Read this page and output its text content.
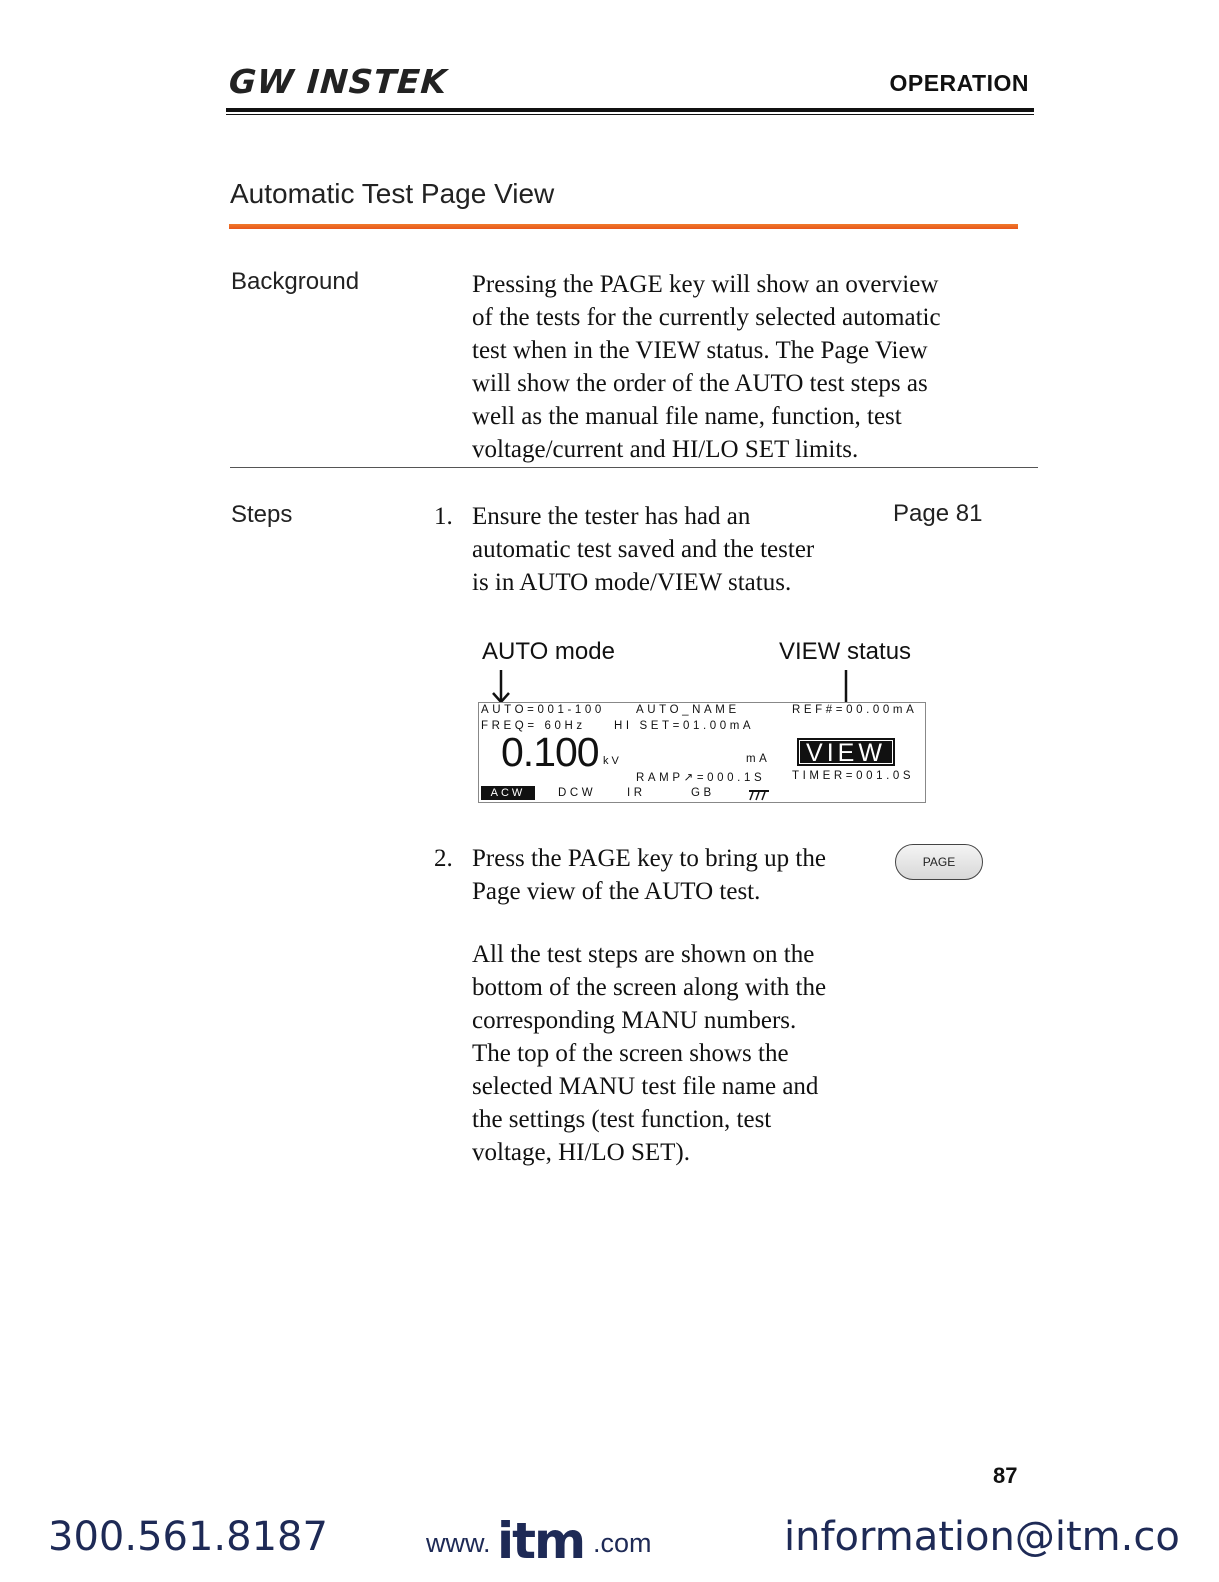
GW INSTEK	OPERATION
Automatic Test Page View
Background	Pressing the PAGE key will show an overview
of the tests for the currently selected automatic
test when in the VIEW status. The Page View
will show the order of the AUTO test steps as
well as the manual file name, function, test
voltage/current and HI/LO SET limits.
Steps	1. Ensure the tester has had an
automatic test saved and the tester
is in AUTO mode/VIEW status.
Page 81
AUTO mode	VIEW status
AUTO=001-100	AUTO_NAME	REF#=00.00mA
FREQ= 60Hz HI SET=01.00mA
0.100 kV	mA VIEW
RAMP↗=000.1S TIMER=001.0S
ACW	DCW	IR	GB
2. Press the PAGE key to bring up the
Page view of the AUTO test.
PAGE
All the test steps are shown on the
bottom of the screen along with the
corresponding MANU numbers.
The top of the screen shows the
selected MANU test file name and
the settings (test function, test
voltage, HI/LO SET).
87
300.561.8187	www. itm .com	information@itm.co
